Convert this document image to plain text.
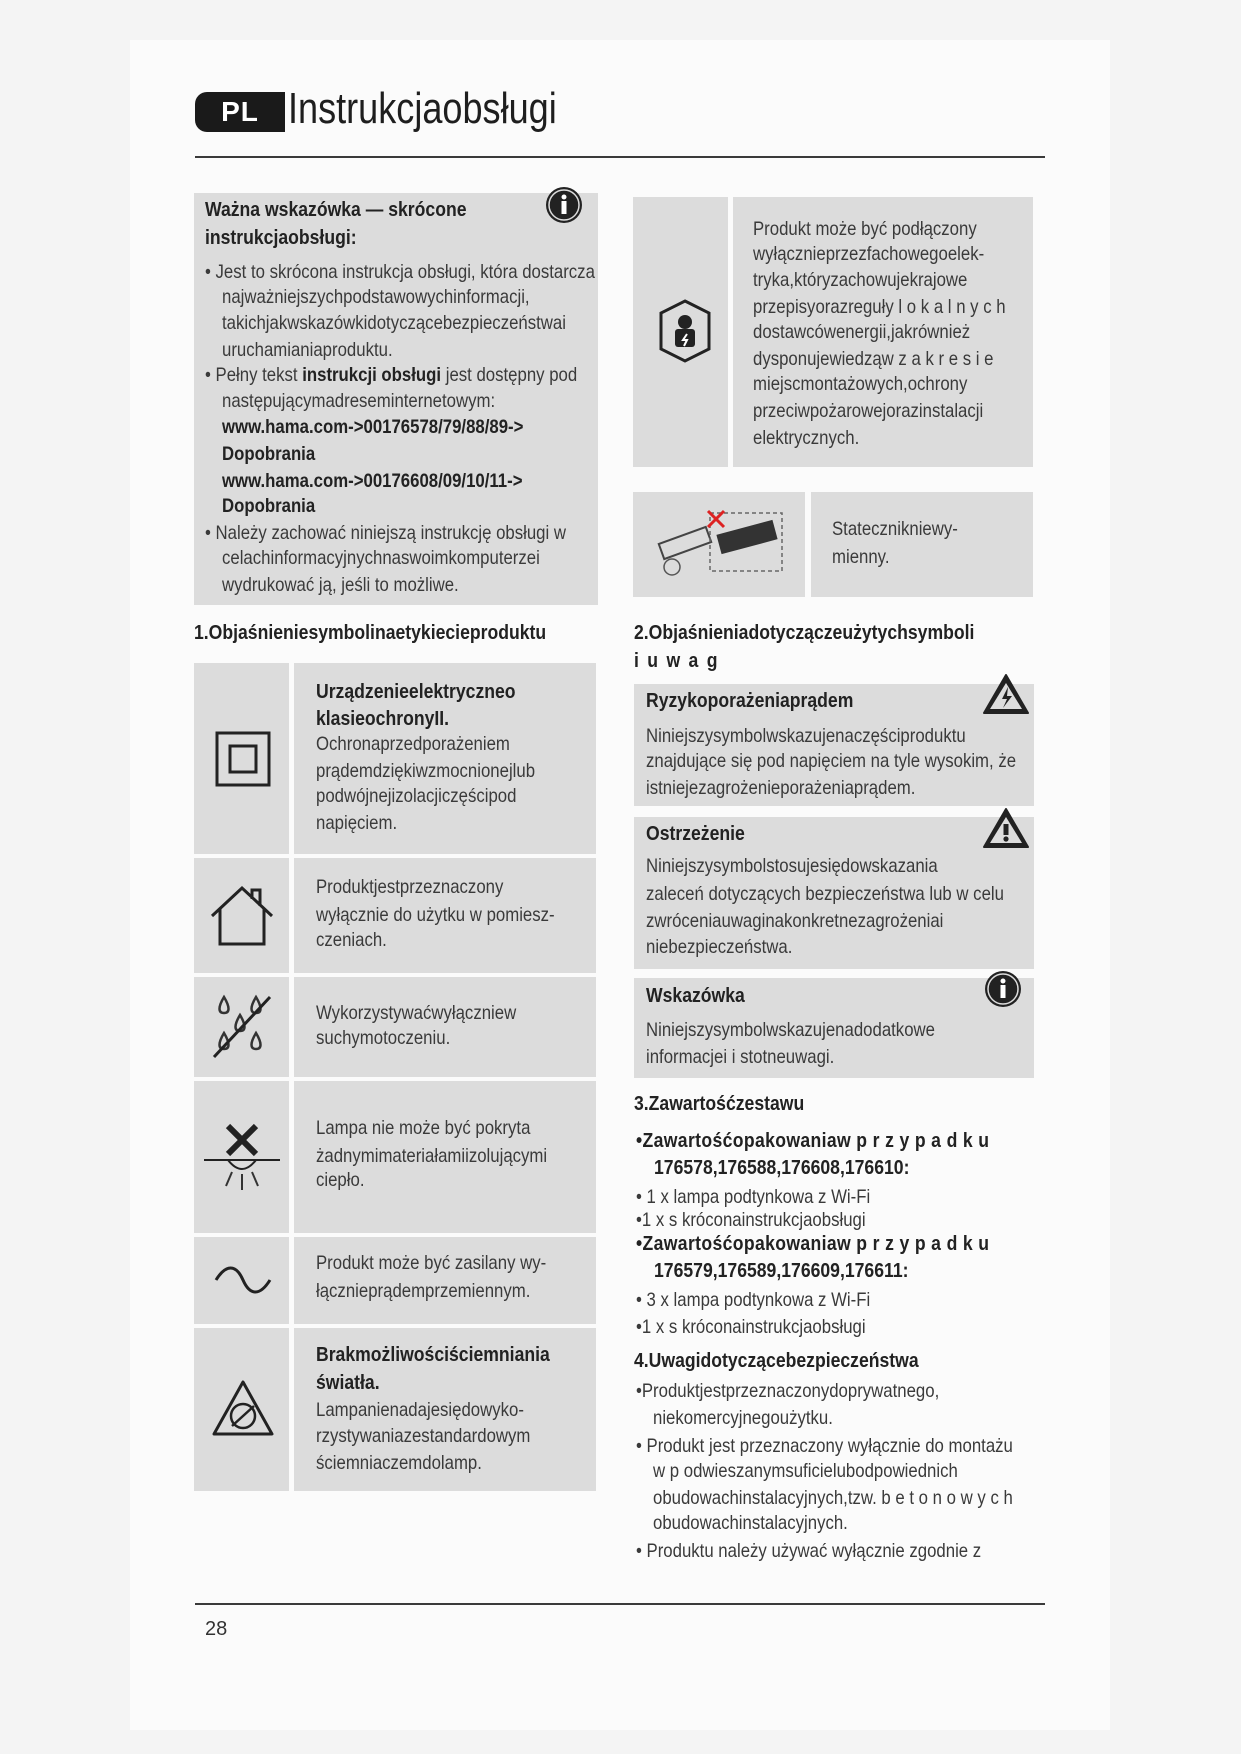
PL Instrukcjaobsługi
Ważna wskazówka — skrócone
instrukcjaobsługi:
• Jest to skrócona instrukcja obsługi, która dostarcza
najważniejszychpodstawowychinformacji,
takichjakwskazówkidotyczącebezpieczeństwai
uruchamianiaproduktu.
• Pełny tekst instrukcji obsługi jest dostępny pod
następującymadreseminternetowym:
www.hama.com->00176578/79/88/89->
Dopobrania
www.hama.com->00176608/09/10/11->
Dopobrania
• Należy zachować niniejszą instrukcję obsługi w
celachinformacyjnychnaswoimkomputerzei
wydrukować ją, jeśli to możliwe.
Produkt może być podłączony
wyłącznieprzezfachowegoelek-
tryka,któryzachowujekrajowe
przepisyorazreguły l o k a l n y c h
dostawcówenergii,jakrównież
dysponujewiedząw z a k r e s i e
miejscmontażowych,ochrony
przeciwpożarowejorazinstalacji
elektrycznych.
Statecznikniewy-
mienny.
1.Objaśnieniesymbolinaetykiecieproduktu
Urządzenieelektryczneo
klasieochronyII.
Ochronaprzedporażeniem
prądemdziękiwzmocnionejlub
podwójnejizolacjiczęścipod
napięciem.
Produktjestprzeznaczony
wyłącznie do użytku w pomiesz-
czeniach.
Wykorzystywaćwyłączniew
suchymotoczeniu.
Lampa nie może być pokryta
żadnymimateriałamiizolującymi
ciepło.
Produkt może być zasilany wy-
łącznieprądemprzemiennym.
Brakmożliwościściemniania
światła.
Lampanienadajesiędowyko-
rzystywaniazestandardowym
ściemniaczemdolamp.
2.Objaśnieniadotyczączeużytychsymboli
i u w a g
Ryzykoporażeniaprądem
Niniejszysymbolwskazujenaczęściproduktu
znajdujące się pod napięciem na tyle wysokim, że
istniejezagrożenieporażeniaprądem.
Ostrzeżenie
Niniejszysymbolstosujesiędowskazania
zaleceń dotyczących bezpieczeństwa lub w celu
zwróceniauwaginakonkretnezagrożeniai
niebezpieczeństwa.
Wskazówka
Niniejszysymbolwskazujenadodatkowe
informacjei i stotneuwagi.
3.Zawartośćzestawu
•Zawartośćopakowaniaw p r z y p a d k u
176578,176588,176608,176610:
• 1 x lampa podtynkowa z Wi-Fi
•1 x s króconainstrukcjaobsługi
•Zawartośćopakowaniaw p r z y p a d k u
176579,176589,176609,176611:
• 3 x lampa podtynkowa z Wi-Fi
•1 x s króconainstrukcjaobsługi
4.Uwagidotyczącebezpieczeństwa
•Produktjestprzeznaczonydoprywatnego,
niekomercyjnegoużytku.
• Produkt jest przeznaczony wyłącznie do montażu
w p odwieszanymsuficielubodpowiednich
obudowachinstalacyjnych,tzw. b e t o n o w y c h
obudowachinstalacyjnych.
• Produktu należy używać wyłącznie zgodnie z
28
